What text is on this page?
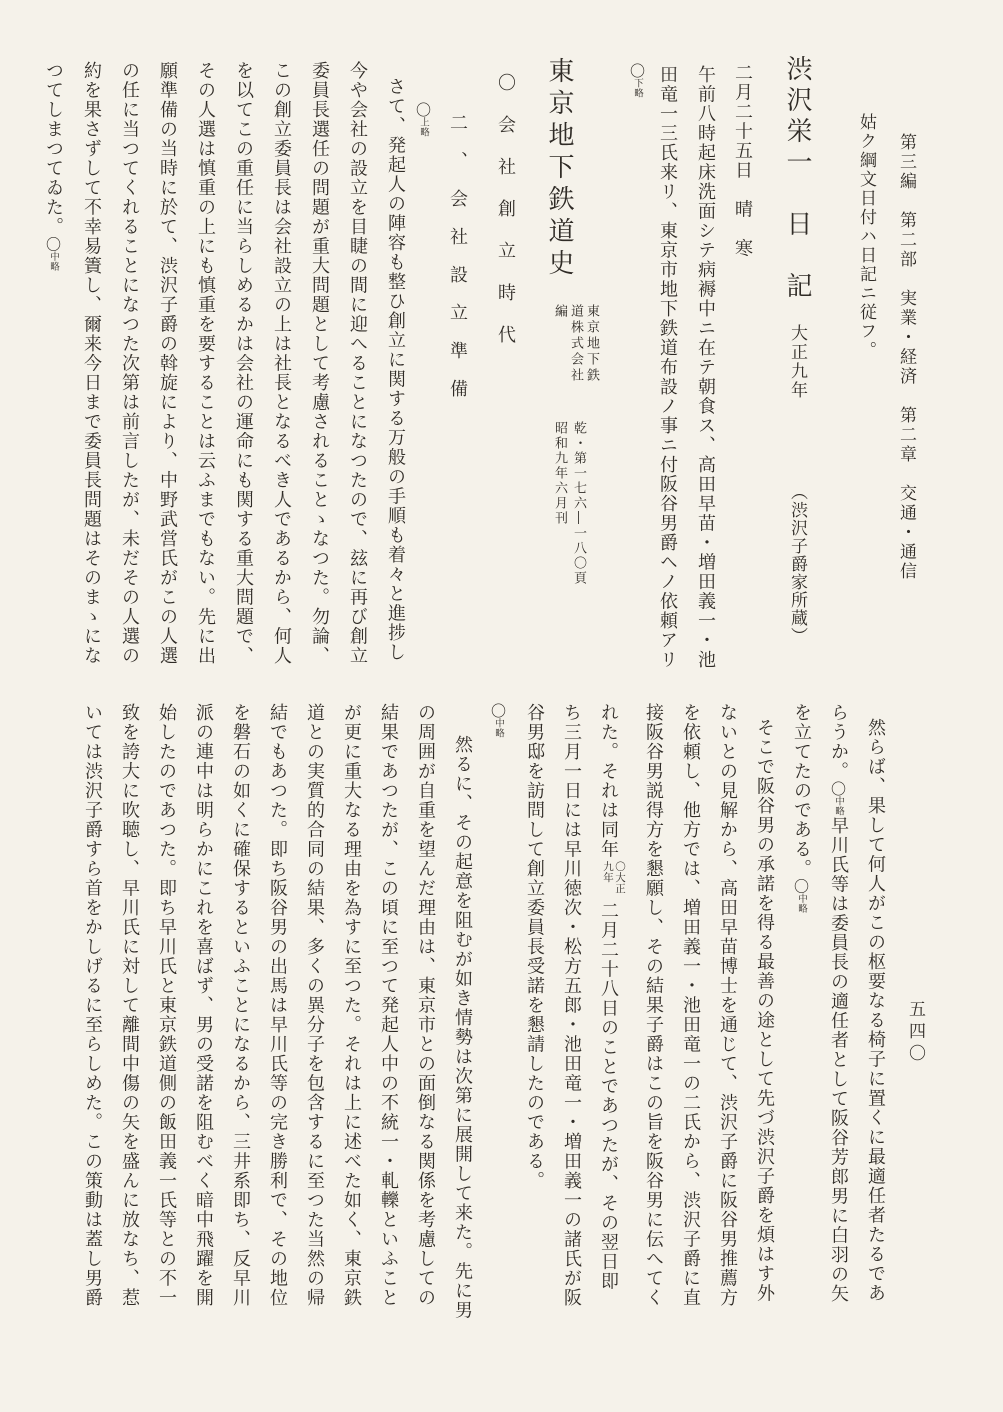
五四〇
第三編　第二部　実業・経済　第二章　交通・通信
姑ク綱文日付ハ日記ニ従フ。
渋沢栄一　日　記 大正九年 （渋沢子爵家所蔵）
二月二十五日　晴　寒
午前八時起床洗面シテ病褥中ニ在テ朝食ス、高田早苗・増田義一・池
田竜一三氏来リ、東京市地下鉄道布設ノ事ニ付阪谷男爵ヘノ依頼アリ
〇下略
東京地下鉄道史 東京地下鉄道株式会社編
乾・第一七六―一八〇頁
昭和九年六月刊
〇会社創立時代
二、会社設立準備
〇上略
さて、発起人の陣容も整ひ創立に関する万般の手順も着々と進捗し
今や会社の設立を目睫の間に迎へることになつたので、玆に再び創立
委員長選任の問題が重大問題として考慮されることゝなつた。勿論、
この創立委員長は会社設立の上は社長となるべき人であるから、何人
を以てこの重任に当らしめるかは会社の運命にも関する重大問題で、
その人選は慎重の上にも慎重を要することは云ふまでもない。先に出
願準備の当時に於て、渋沢子爵の斡旋により、中野武営氏がこの人選
の任に当つてくれることになつた次第は前言したが、未だその人選の
約を果さずして不幸易簀し、爾来今日まで委員長問題はそのまゝにな
つてしまつてゐた。〇中略
然らば、果して何人がこの枢要なる椅子に置くに最適任者たるであ
らうか。〇中略早川氏等は委員長の適任者として阪谷芳郎男に白羽の矢
を立てたのである。〇中略
そこで阪谷男の承諾を得る最善の途として先づ渋沢子爵を煩はす外
ないとの見解から、高田早苗博士を通じて、渋沢子爵に阪谷男推薦方
を依頼し、他方では、増田義一・池田竜一の二氏から、渋沢子爵に直
接阪谷男説得方を懇願し、その結果子爵はこの旨を阪谷男に伝へてく
れた。それは同年〇大正九年二月二十八日のことであつたが、その翌日即
ち三月一日には早川徳次・松方五郎・池田竜一・増田義一の諸氏が阪
谷男邸を訪問して創立委員長受諾を懇請したのである。
〇中略
然るに、その起意を阻むが如き情勢は次第に展開して来た。先に男
の周囲が自重を望んだ理由は、東京市との面倒なる関係を考慮しての
結果であつたが、この頃に至つて発起人中の不統一・軋轢といふこと
が更に重大なる理由を為すに至つた。それは上に述べた如く、東京鉄
道との実質的合同の結果、多くの異分子を包含するに至つた当然の帰
結でもあつた。即ち阪谷男の出馬は早川氏等の完き勝利で、その地位
を磐石の如くに確保するといふことになるから、三井系即ち、反早川
派の連中は明らかにこれを喜ばず、男の受諾を阻むべく暗中飛躍を開
始したのであつた。即ち早川氏と東京鉄道側の飯田義一氏等との不一
致を誇大に吹聴し、早川氏に対して離間中傷の矢を盛んに放なち、惹
いては渋沢子爵すら首をかしげるに至らしめた。この策動は蓋し男爵
